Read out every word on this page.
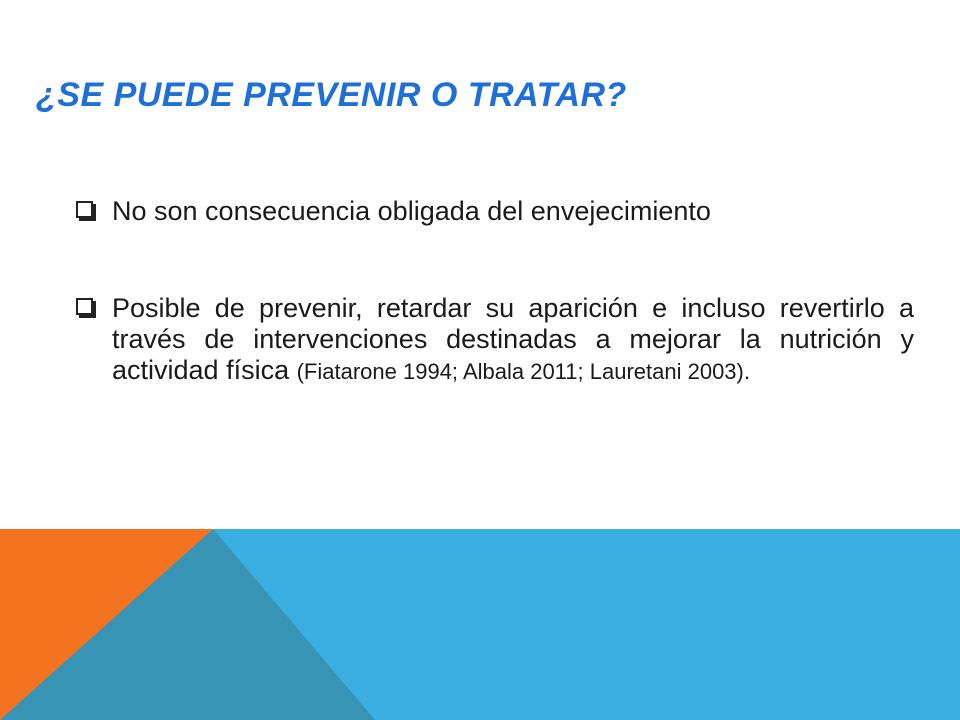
¿SE PUEDE PREVENIR O TRATAR?
No son consecuencia obligada del envejecimiento
Posible de prevenir, retardar su aparición e incluso revertirlo a través de intervenciones destinadas a mejorar la nutrición y actividad física (Fiatarone 1994; Albala 2011; Lauretani 2003).
